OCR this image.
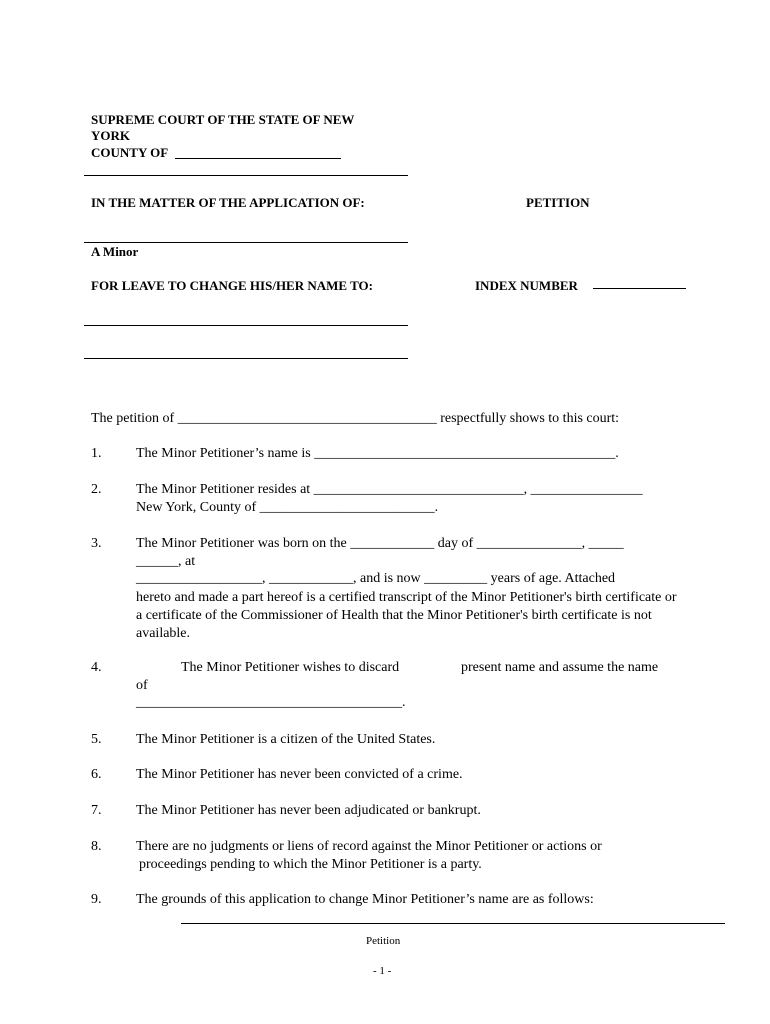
SUPREME COURT OF THE STATE OF NEW
YORK
COUNTY OF
IN THE MATTER OF THE APPLICATION OF:	PETITION
A Minor
FOR LEAVE TO CHANGE HIS/HER NAME TO:	INDEX NUMBER
The petition of _____________________________________ respectfully shows to this court:
1. The Minor Petitioner’s name is ___________________________________________.
2. The Minor Petitioner resides at ______________________________, ________________
New York, County of _________________________.
3. The Minor Petitioner was born on the ____________ day of _______________, _____
______, at
__________________, ____________, and is now _________ years of age. Attached
hereto and made a part hereof is a certified transcript of the Minor Petitioner's birth certificate or a certificate of the Commissioner of Health that the Minor Petitioner's birth certificate is not available.
4.	The Minor Petitioner wishes to discard	present name and assume the name
of
______________________________________.
5. The Minor Petitioner is a citizen of the United States.
6. The Minor Petitioner has never been convicted of a crime.
7. The Minor Petitioner has never been adjudicated or bankrupt.
8. There are no judgments or liens of record against the Minor Petitioner or actions or
proceedings pending to which the Minor Petitioner is a party.
9. The grounds of this application to change Minor Petitioner’s name are as follows:
Petition
- 1 -
